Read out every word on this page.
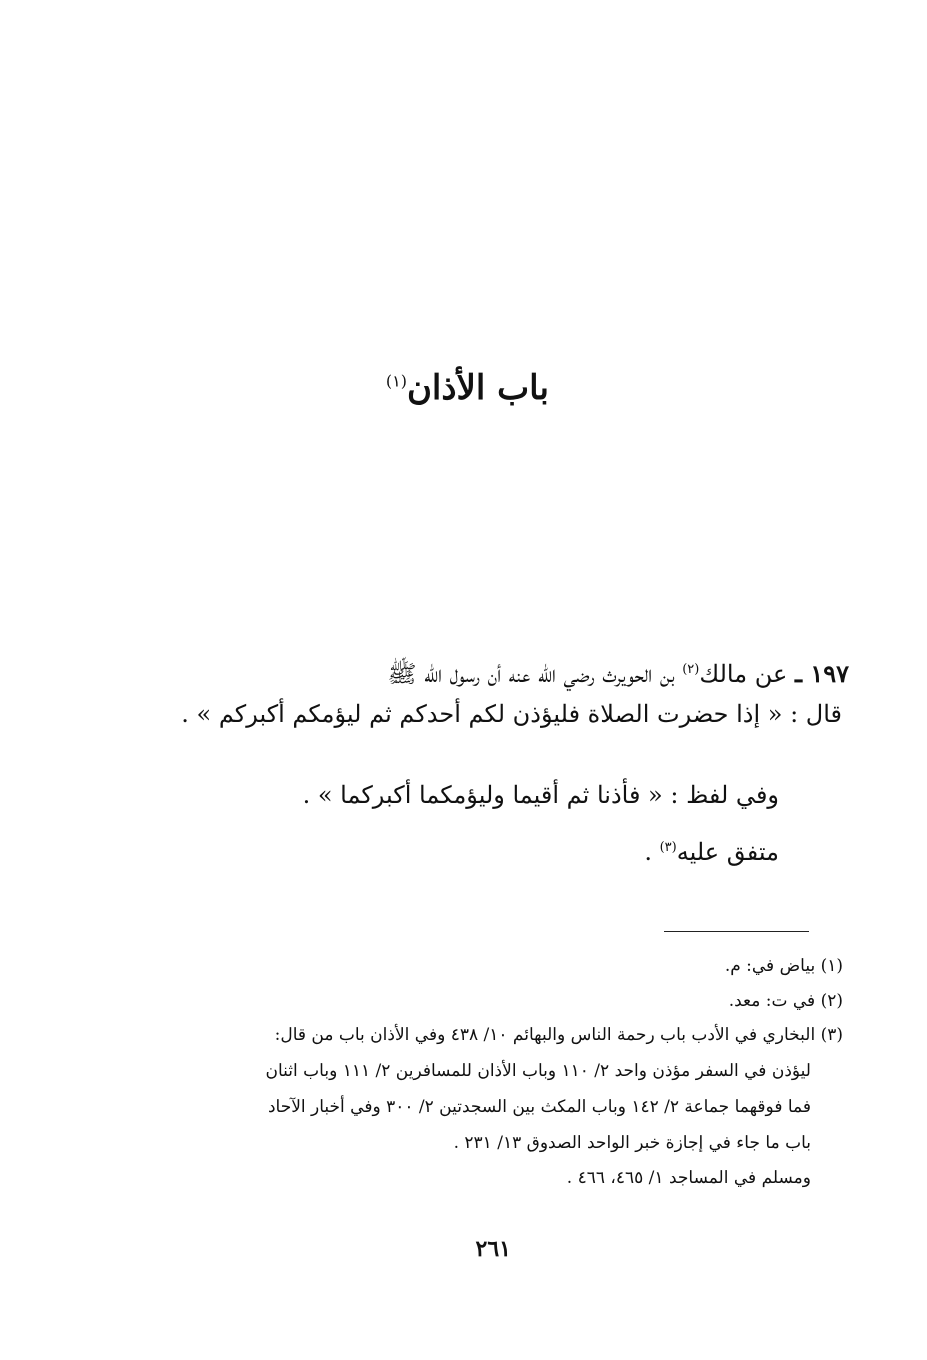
باب الأذان$^{(١)}$
١٩٧ ـ عن مالك$^{(٢)}$ بن الحويرث رضي الله عنه أن رسول الله ﷺ
قال : « إذا حضرت الصلاة فليؤذن لكم أحدكم ثم ليؤمكم أكبركم » .
وفي لفظ : « فأذنا ثم أقيما وليؤمكما أكبركما » .
متفق عليه$^{(٣)}$ .
(١) بياض في: م.
(٢) في ت: معد.
(٣) البخاري في الأدب باب رحمة الناس والبهائم ١٠/ ٤٣٨ وفي الأذان باب من قال:
ليؤذن في السفر مؤذن واحد ٢/ ١١٠ وباب الأذان للمسافرين ٢/ ١١١ وباب اثنان
فما فوقهما جماعة ٢/ ١٤٢ وباب المكث بين السجدتين ٢/ ٣٠٠ وفي أخبار الآحاد
باب ما جاء في إجازة خبر الواحد الصدوق ١٣/ ٢٣١ .
ومسلم في المساجد ١/ ٤٦٥، ٤٦٦ .
٢٦١
